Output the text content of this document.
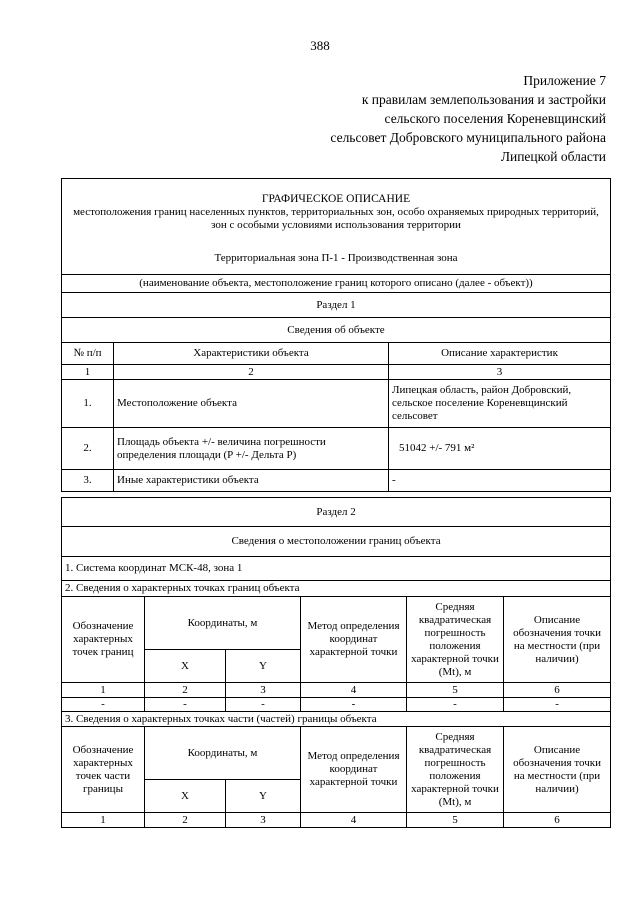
388
Приложение 7
к правилам землепользования и застройки
сельского поселения Кореневщинский
сельсовет Добровского муниципального района
Липецкой области
ГРАФИЧЕСКОЕ ОПИСАНИЕ
местоположения границ населенных пунктов, территориальных зон, особо охраняемых природных территорий, зон с особыми условиями использования территории
Территориальная зона П-1 - Производственная зона		

(наименование объекта, местоположение границ которого описано (далее - объект))		
Раздел 1		
Сведения об объекте		
№ п/п	Характеристики объекта	Описание характеристик
1	2	3
1.	Местоположение объекта	Липецкая область, район Добровский, сельское поселение Кореневщинский сельсовет
2.	Площадь объекта +/- величина погрешности определения площади (P +/- Дельта P)	51042 +/- 791 м²
3.	Иные характеристики объекта	-
Раздел 2					
Сведения о местоположении границ объекта					
1. Система координат МСК-48, зона 1					
2. Сведения о характерных точках границ объекта					
Обозначение характерных точек границ	Координаты, м		Метод определения координат характерной точки	Средняя квадратическая погрешность положения характерной точки (Mt), м	Описание обозначения точки на местности (при наличии)
	X	Y			
1	2	3	4	5	6
-	-	-	-	-	-
3. Сведения о характерных точках части (частей) границы объекта					
Обозначение характерных точек части границы	Координаты, м		Метод определения координат характерной точки	Средняя квадратическая погрешность положения характерной точки (Mt), м	Описание обозначения точки на местности (при наличии)
	X	Y			
1	2	3	4	5	6
